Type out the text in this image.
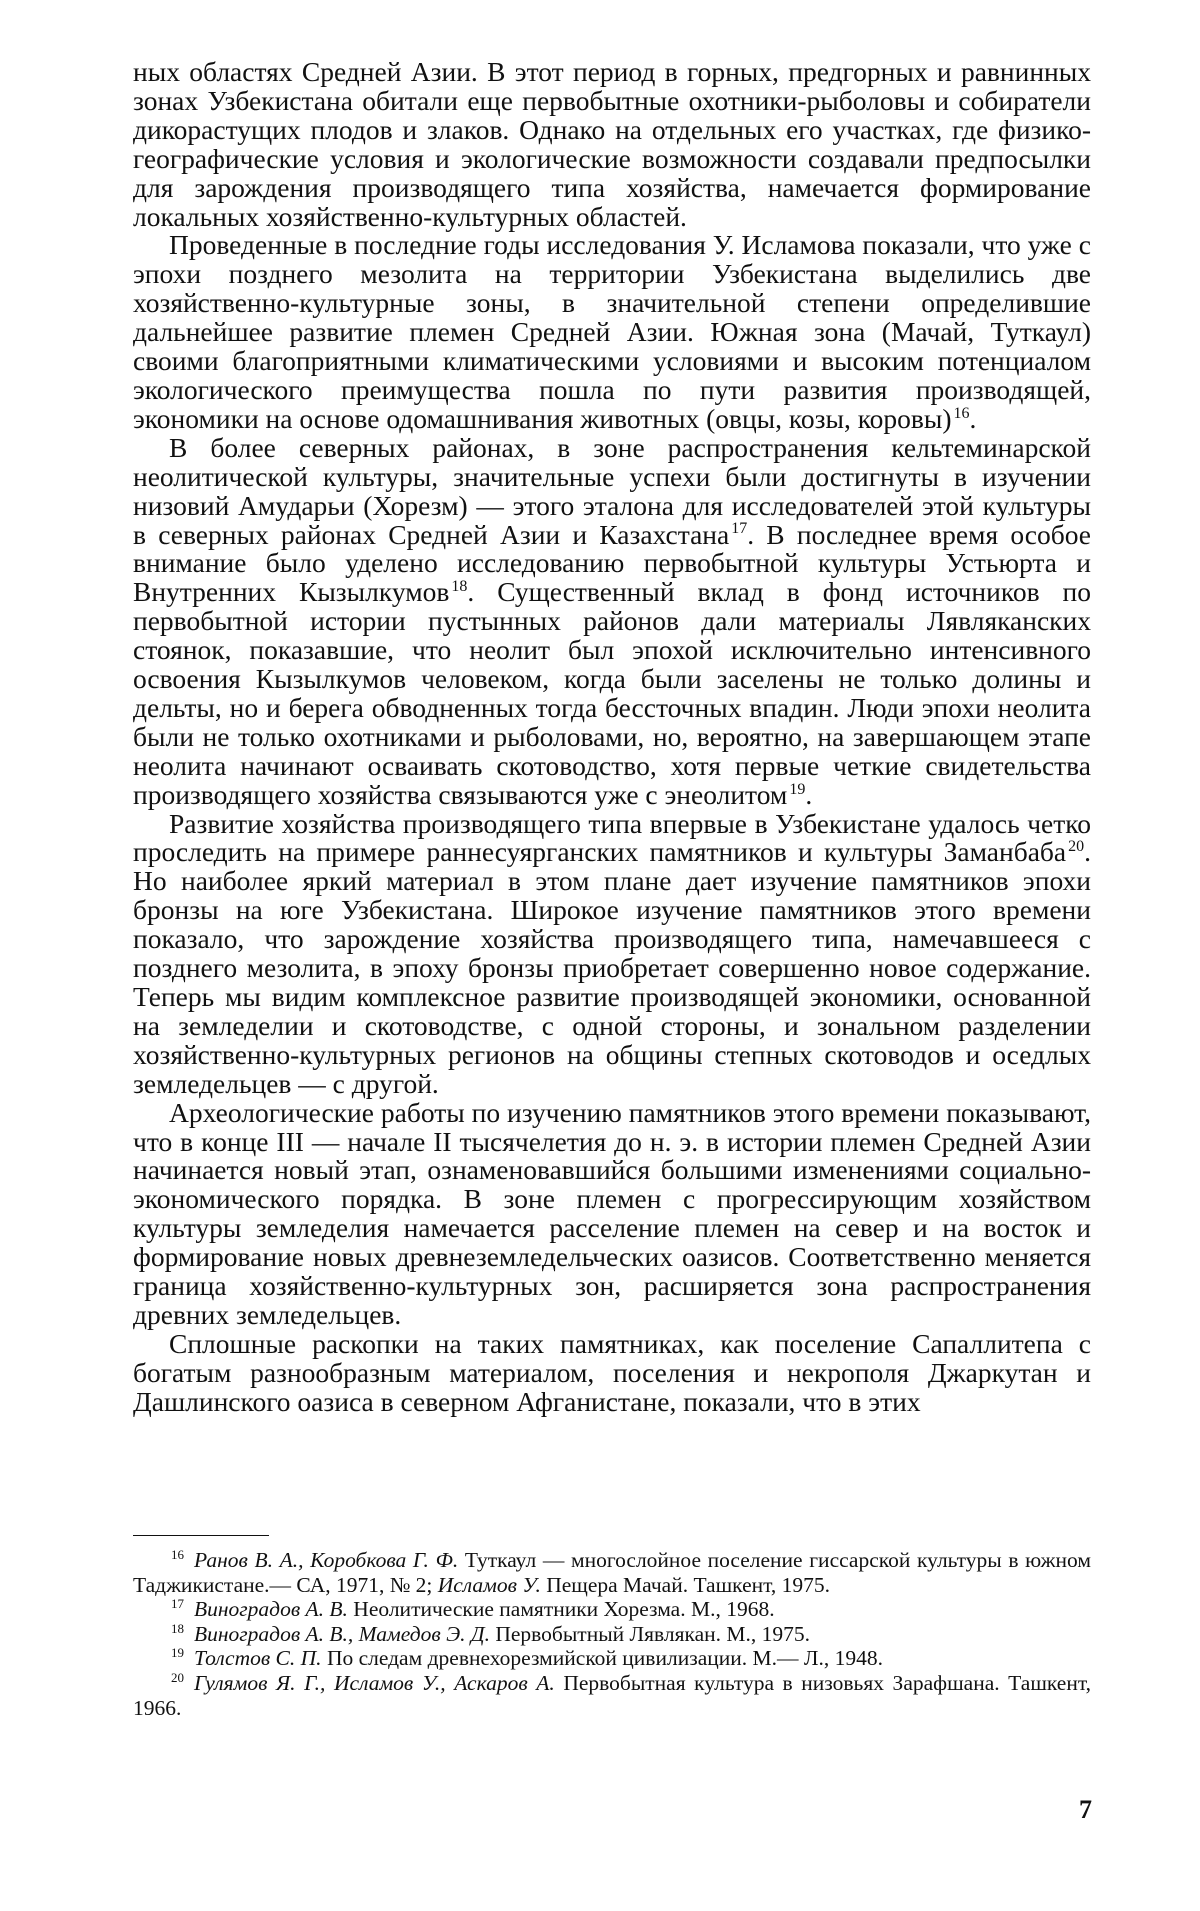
ных областях Средней Азии. В этот период в горных, предгорных и равнинных зонах Узбекистана обитали еще первобытные охотники-рыболовы и собиратели дикорастущих плодов и злаков. Однако на отдельных его участках, где физико-географические условия и экологические возможности создавали предпосылки для зарождения производящего типа хозяйства, намечается формирование локальных хозяйственно-культурных областей.

Проведенные в последние годы исследования У. Исламова показали, что уже с эпохи позднего мезолита на территории Узбекистана выделились две хозяйственно-культурные зоны, в значительной степени определившие дальнейшее развитие племен Средней Азии. Южная зона (Мачай, Туткаул) своими благоприятными климатическими условиями и высоким потенциалом экологического преимущества пошла по пути развития производящей, экономики на основе одомашнивания животных (овцы, козы, коровы) $^{16}$.

В более северных районах, в зоне распространения кельтеминарской неолитической культуры, значительные успехи были достигнуты в изучении низовий Амударьи (Хорезм) — этого эталона для исследователей этой культуры в северных районах Средней Азии и Казахстана $^{17}$. В последнее время особое внимание было уделено исследованию первобытной культуры Устьюрта и Внутренних Кызылкумов $^{18}$. Существенный вклад в фонд источников по первобытной истории пустынных районов дали материалы Лявляканских стоянок, показавшие, что неолит был эпохой исключительно интенсивного освоения Кызылкумов человеком, когда были заселены не только долины и дельты, но и берега обводненных тогда бессточных впадин. Люди эпохи неолита были не только охотниками и рыболовами, но, вероятно, на завершающем этапе неолита начинают осваивать скотоводство, хотя первые четкие свидетельства производящего хозяйства связываются уже с энеолитом $^{19}$.

Развитие хозяйства производящего типа впервые в Узбекистане удалось четко проследить на примере раннесуярганских памятников и культуры Заманбаба $^{20}$. Но наиболее яркий материал в этом плане дает изучение памятников эпохи бронзы на юге Узбекистана. Широкое изучение памятников этого времени показало, что зарождение хозяйства производящего типа, намечавшееся с позднего мезолита, в эпоху бронзы приобретает совершенно новое содержание. Теперь мы видим комплексное развитие производящей экономики, основанной на земледелии и скотоводстве, с одной стороны, и зональном разделении хозяйственно-культурных регионов на общины степных скотоводов и оседлых земледельцев — с другой.

Археологические работы по изучению памятников этого времени показывают, что в конце III — начале II тысячелетия до н. э. в истории племен Средней Азии начинается новый этап, ознаменовавшийся большими изменениями социально-экономического порядка. В зоне племен с прогрессирующим хозяйством культуры земледелия намечается расселение племен на север и на восток и формирование новых древнеземледельческих оазисов. Соответственно меняется граница хозяйственно-культурных зон, расширяется зона распространения древних земледельцев.

Сплошные раскопки на таких памятниках, как поселение Сапаллитепа с богатым разнообразным материалом, поселения и некрополя Джаркутан и Дашлинского оазиса в северном Афганистане, показали, что в этих

$^{16}$ Ранов В. А., Коробкова Г. Ф. Туткаул — многослойное поселение гиссарской культуры в южном Таджикистане.— СА, 1971, № 2; Исламов У. Пещера Мачай. Ташкент, 1975.

$^{17}$ Виноградов А. В. Неолитические памятники Хорезма. М., 1968.

$^{18}$ Виноградов А. В., Мамедов Э. Д. Первобытный Лявлякан. М., 1975.

$^{19}$ Толстов С. П. По следам древнехорезмийской цивилизации. М.— Л., 1948.

$^{20}$ Гулямов Я. Г., Исламов У., Аскаров А. Первобытная культура в низовьях Зарафшана. Ташкент, 1966.

7
